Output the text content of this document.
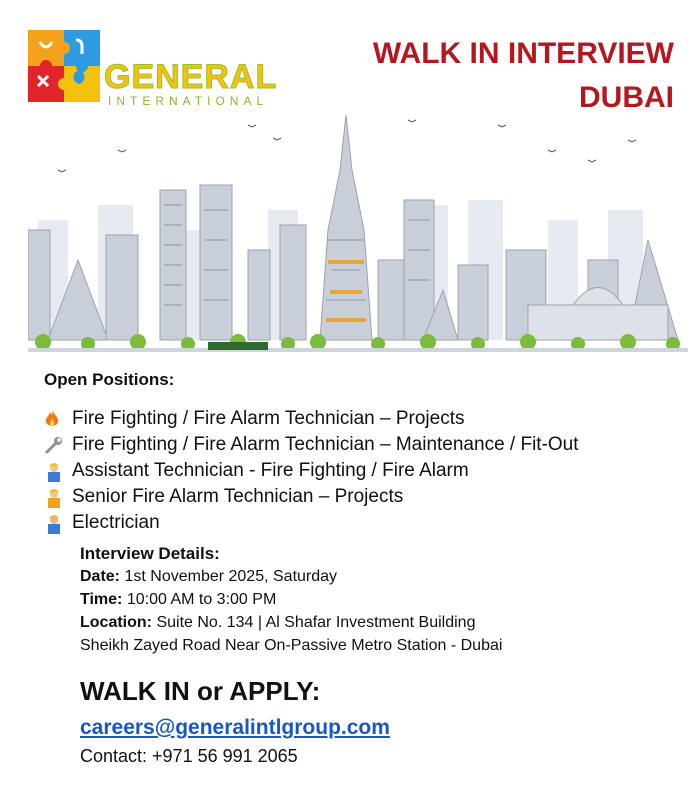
GENERAL
INTERNATIONAL
WALK IN INTERVIEW
DUBAI
Open Positions:
Fire Fighting / Fire Alarm Technician – Projects
Fire Fighting / Fire Alarm Technician – Maintenance / Fit-Out
Assistant Technician - Fire Fighting / Fire Alarm
Senior Fire Alarm Technician – Projects
Electrician
Interview Details:
Date: 1st November 2025, Saturday
Time: 10:00 AM to 3:00 PM
Location: Suite No. 134 | Al Shafar Investment Building
Sheikh Zayed Road Near On-Passive Metro Station - Dubai
WALK IN or APPLY:
careers@generalintlgroup.com
Contact: +971 56 991 2065
